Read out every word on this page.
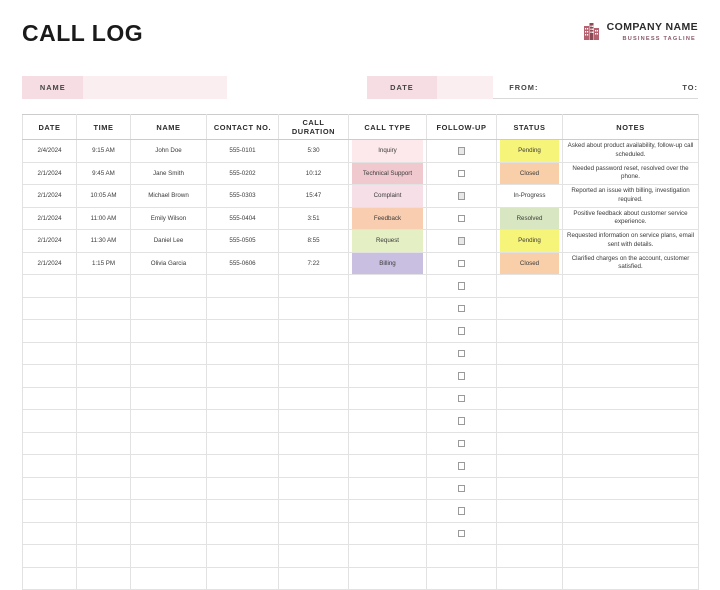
CALL LOG	COMPANY NAME
BUSINESS TAGLINE
NAME	DATE	FROM:	TO:
DATE	TIME	NAME	CONTACT NO.	CALL DURATION	CALL TYPE	FOLLOW-UP	STATUS	NOTES
2/4/2024	9:15 AM	John Doe	555-0101	5:30	Inquiry		Pending	Asked about product availability, follow-up call scheduled.
2/1/2024	9:45 AM	Jane Smith	555-0202	10:12	Technical Support		Closed	Needed password reset, resolved over the phone.
2/1/2024	10:05 AM	Michael Brown	555-0303	15:47	Complaint		In-Progress	Reported an issue with billing, investigation required.
2/1/2024	11:00 AM	Emily Wilson	555-0404	3:51	Feedback		Resolved	Positive feedback about customer service experience.
2/1/2024	11:30 AM	Daniel Lee	555-0505	8:55	Request		Pending	Requested information on service plans, email sent with details.
2/1/2024	1:15 PM	Olivia Garcia	555-0606	7:22	Billing		Closed	Clarified charges on the account, customer satisfied.
